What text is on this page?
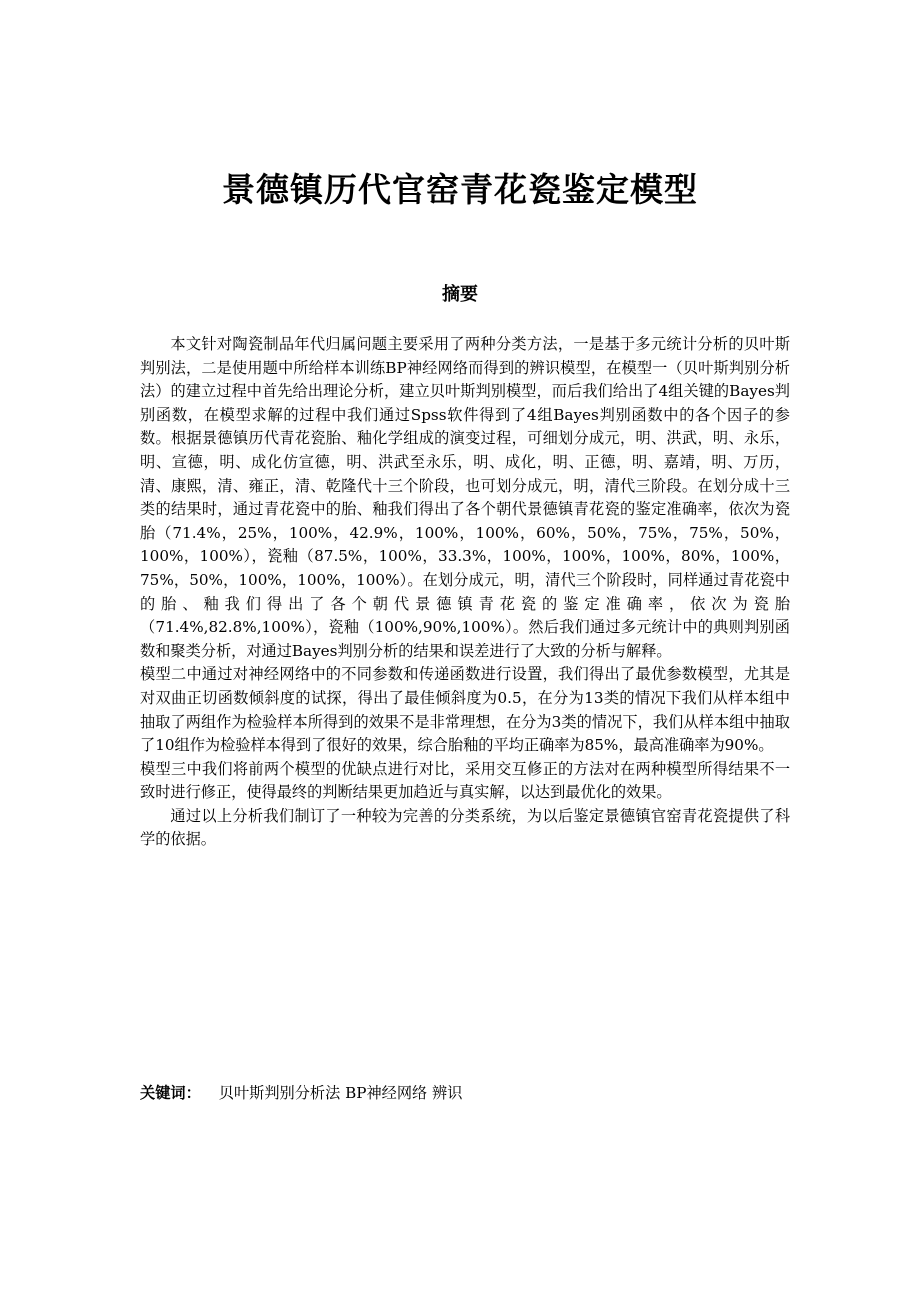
景德镇历代官窑青花瓷鉴定模型
摘要

本文针对陶瓷制品年代归属问题主要采用了两种分类方法，一是基于多元统计分析的贝叶斯判别法，二是使用题中所给样本训练BP神经网络而得到的辨识模型，在模型一（贝叶斯判别分析法）的建立过程中首先给出理论分析，建立贝叶斯判别模型，而后我们给出了4组关键的Bayes判别函数，在模型求解的过程中我们通过Spss软件得到了4组Bayes判别函数中的各个因子的参数。根据景德镇历代青花瓷胎、釉化学组成的演变过程，可细划分成元，明、洪武，明、永乐，明、宣德，明、成化仿宣德，明、洪武至永乐，明、成化，明、正德，明、嘉靖，明、万历，清、康熙，清、雍正，清、乾隆代十三个阶段，也可划分成元，明，清代三阶段。在划分成十三类的结果时，通过青花瓷中的胎、釉我们得出了各个朝代景德镇青花瓷的鉴定准确率，依次为瓷胎（71.4%，25%，100%，42.9%，100%，100%，60%，50%，75%，75%，50%，100%，100%），瓷釉（87.5%，100%，33.3%，100%，100%，100%，80%，100%，75%，50%，100%，100%，100%）。在划分成元，明，清代三个阶段时，同样通过青花瓷中的胎、釉我们得出了各个朝代景德镇青花瓷的鉴定准确率，依次为瓷胎（71.4%,82.8%,100%），瓷釉（100%,90%,100%）。然后我们通过多元统计中的典则判别函数和聚类分析，对通过Bayes判别分析的结果和误差进行了大致的分析与解释。

模型二中通过对神经网络中的不同参数和传递函数进行设置，我们得出了最优参数模型，尤其是对双曲正切函数倾斜度的试探，得出了最佳倾斜度为0.5，在分为13类的情况下我们从样本组中抽取了两组作为检验样本所得到的效果不是非常理想，在分为3类的情况下，我们从样本组中抽取了10组作为检验样本得到了很好的效果，综合胎釉的平均正确率为85%，最高准确率为90%。

模型三中我们将前两个模型的优缺点进行对比，采用交互修正的方法对在两种模型所得结果不一致时进行修正，使得最终的判断结果更加趋近与真实解，以达到最优化的效果。

通过以上分析我们制订了一种较为完善的分类系统，为以后鉴定景德镇官窑青花瓷提供了科学的依据。

关键词： 贝叶斯判别分析法 BP神经网络 辨识
